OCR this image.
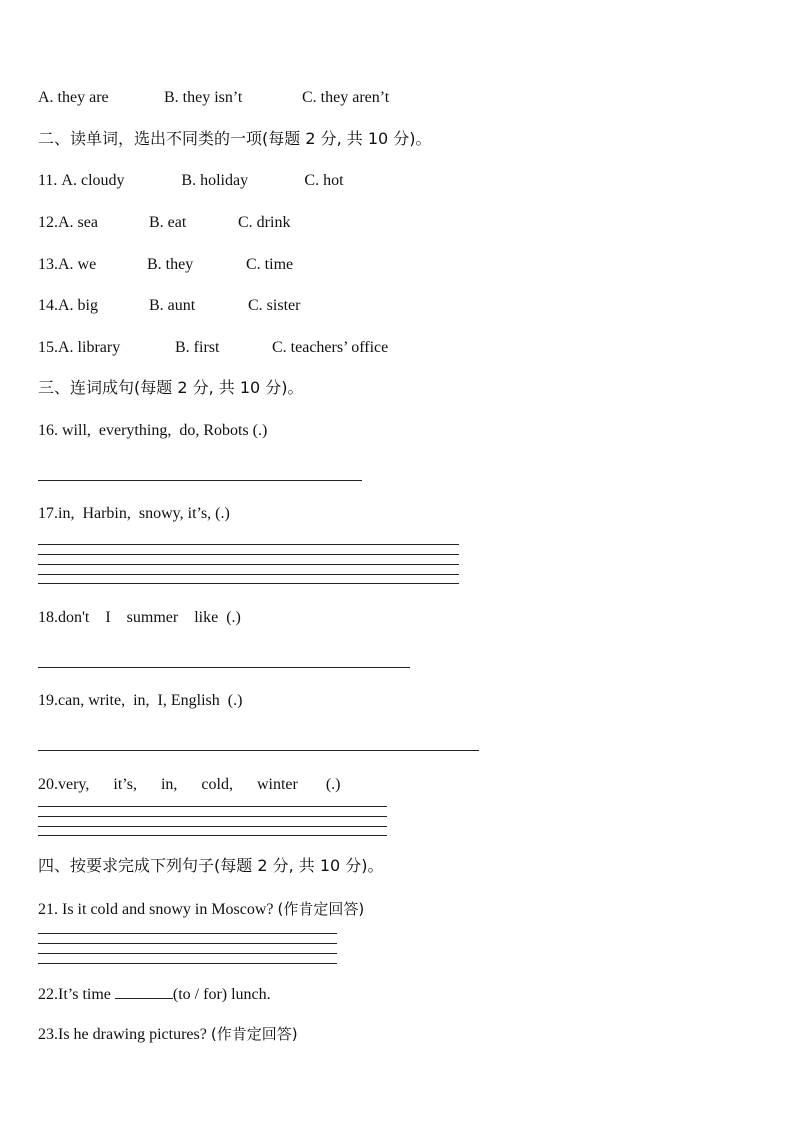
A. they are	B. they isn’t	C. they aren’t
二、读单词，选出不同类的一项(每题 2 分, 共 10 分)。
11. A. cloudy	B. holiday	C. hot
12.A. sea	B. eat	C. drink
13.A. we	B. they	C. time
14.A. big	B. aunt	C. sister
15.A. library	B. first	C. teachers’ office
三、连词成句(每题 2 分, 共 10 分)。
16. will,  everything,  do, Robots (.)
17.in,  Harbin,  snowy, it’s, (.)
18.don't    I    summer    like  (.)
19.can, write,  in,  I, English  (.)
20.very,      it’s,      in,      cold,      winter       (.)
四、按要求完成下列句子(每题 2 分, 共 10 分)。
21. Is it cold and snowy in Moscow? (作肯定回答)
22.It’s time	(to / for) lunch.
23.Is he drawing pictures? (作肯定回答)
